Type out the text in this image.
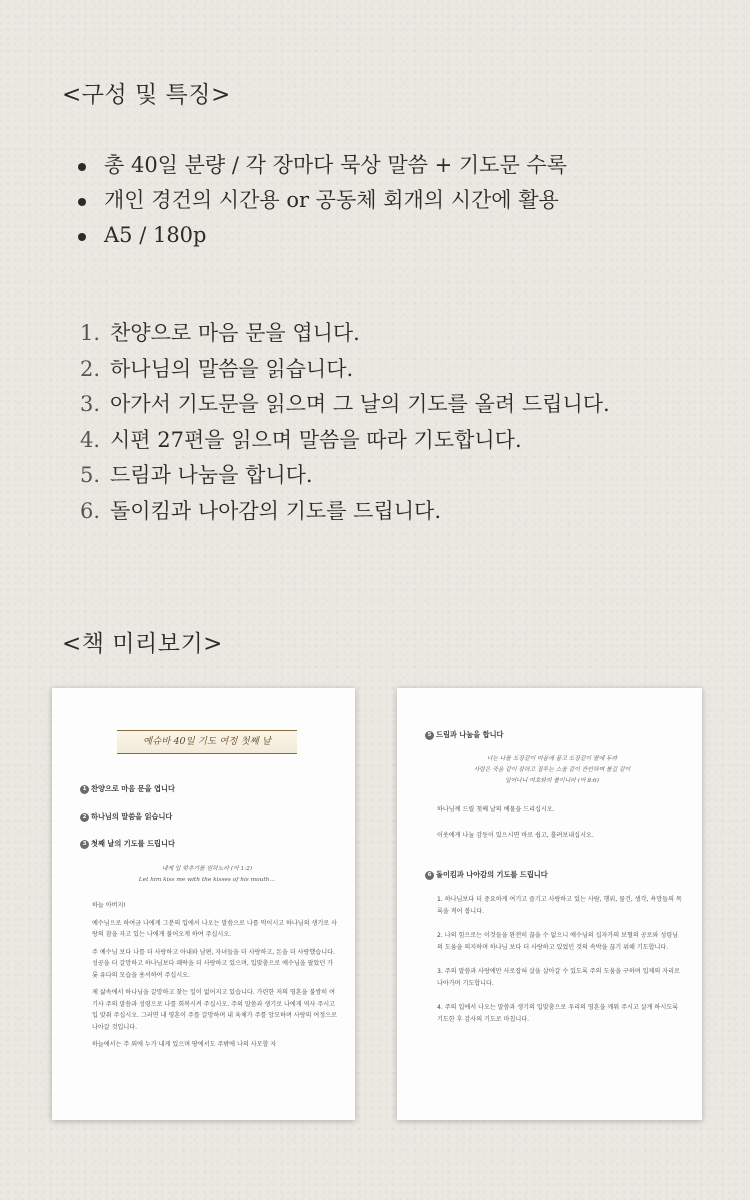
<구성 및 특징>
총 40일 분량 / 각 장마다 묵상 말씀 + 기도문 수록
개인 경건의 시간용 or 공동체 회개의 시간에 활용
A5 / 180p
1. 찬양으로 마음 문을 엽니다.
2. 하나님의 말씀을 읽습니다.
3. 아가서 기도문을 읽으며 그 날의 기도를 올려 드립니다.
4. 시편 27편을 읽으며 말씀을 따라 기도합니다.
5. 드림과 나눔을 합니다.
6. 돌이킴과 나아감의 기도를 드립니다.
<책 미리보기>
예슈바 40일 기도 여정 첫째 날
1 찬양으로 마음 문을 엽니다
2 하나님의 말씀을 읽습니다
3 첫째 날의 기도를 드립니다
내게 입 맞추기를 원하노라 (아 1:2)
Let him kiss me with the kisses of his mouth…

하늘 아버지!

예수님으로 하여금 나에게 그분의 입에서 나오는 말씀으로 나를 먹이시고 하나님의 생기로 사랑의 잠을 자고 있는 나에게 불어오게 하여 주십시오.

주 예수님 보다 나를 더 사랑하고 아내와 남편, 자녀들을 더 사랑하고, 돈을 더 사랑했습니다. 성공을 더 갈망하고 하나님보다 쾌락을 더 사랑하고 있으며, 입맞춤으로 예수님을 팔았던 가롯 유다의 모습을 용서하여 주십시오.

제 삶속에서 하나님을 갈망하고 찾는 일이 없어지고 있습니다. 가련한 저의 영혼을 불쌍히 여기사 주의 말씀과 성령으로 나를 회복시켜 주십시오. 주의 말씀과 생기로 나에게 역사 주시고 입 맞춰 주십시오. 그러면 내 영혼이 주를 갈망하며 내 육체가 주를 앙모하며 사랑의 여정으로 나아갈 것입니다.

하늘에서는 주 외에 누가 내게 있으며 땅에서도 주밖에 나의 사모할 자

5 드림과 나눔을 합니다
너는 나를 도장같이 마음에 품고 도장같이 팔에 두라
사랑은 죽음 같이 강하고 질투는 스올 같이 잔인하며 불길 같이
일어나니 여호와의 불이니라 (아 8:6)

하나님께 드릴 첫째 날의 예물을 드리십시오.

이웃에게 나눌 감동이 있으시면 바로 쉽고, 흘려보내십시오.

6 돌이킴과 나아감의 기도를 드립니다

1. 하나님보다 더 중요하게 여기고 즐기고 사랑하고 있는 사람, 행위, 물건, 생각, 욕망들의 목록을 적어 봅니다.

2. 나의 힘으로는 이것들을 완전히 끊을 수 없으니 예수님의 십자가의 보혈의 공로와 성령님의 도움을 의지하며 하나님 보다 더 사랑하고 있었던 것의 속박을 끊기 위해 기도합니다.

3. 주의 말씀과 사랑에만 사로잡혀 살을 살아갈 수 있도록 주의 도움을 구하며 입제의 자리로 나아가며 기도합니다.

4. 주의 입에서 나오는 말씀과 생기의 입맞춤으로 우리의 영혼을 깨워 주시고 살게 하시도록 기도한 후 감사의 기도로 마칩니다.
